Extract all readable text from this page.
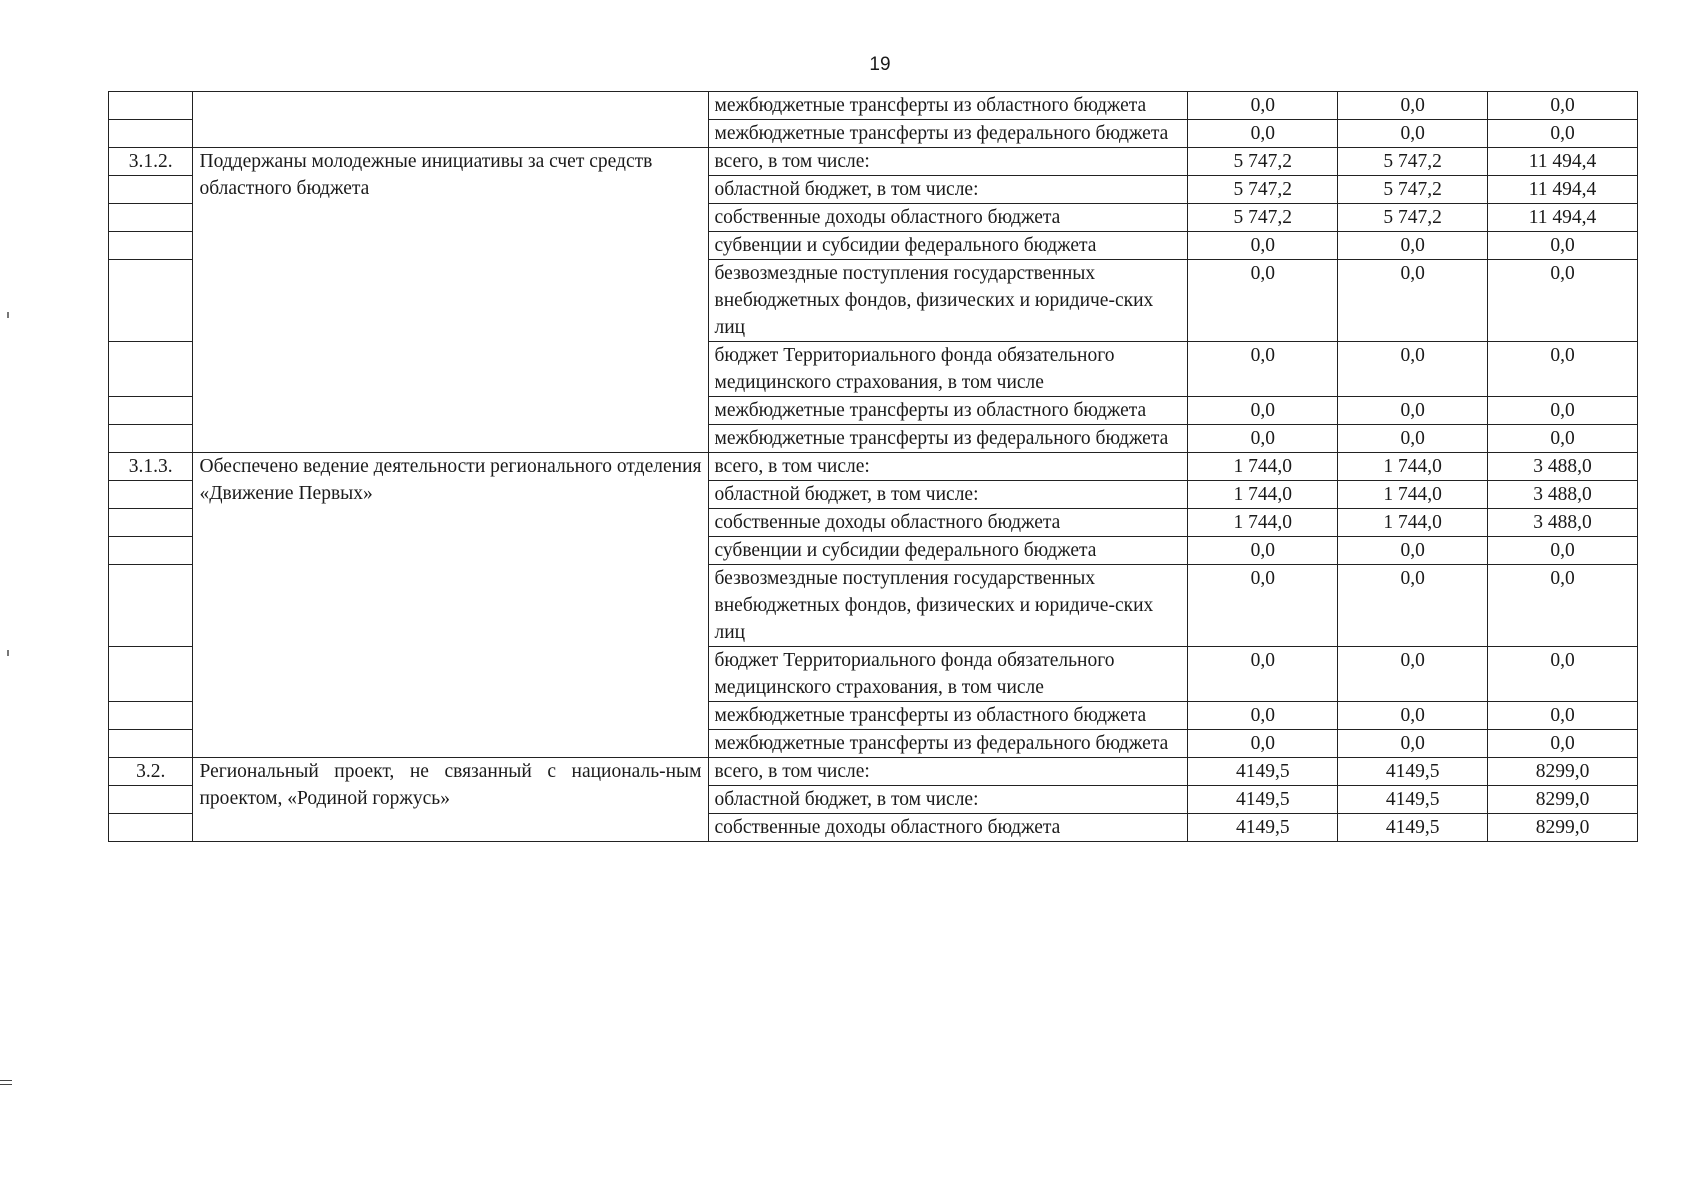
19
		межбюджетные трансферты из областного бюджета	0,0	0,0	0,0
		межбюджетные трансферты из федерального бюджета	0,0	0,0	0,0
3.1.2.	Поддержаны молодежные инициативы за счет средств областного бюджета	всего, в том числе:	5 747,2	5 747,2	11 494,4
		областной бюджет, в том числе:	5 747,2	5 747,2	11 494,4
		собственные доходы областного бюджета	5 747,2	5 747,2	11 494,4
		субвенции и субсидии федерального бюджета	0,0	0,0	0,0
		безвозмездные поступления государственных внебюджетных фондов, физических и юридиче-ских лиц	0,0	0,0	0,0
		бюджет Территориального фонда обязательного медицинского страхования, в том числе	0,0	0,0	0,0
		межбюджетные трансферты из областного бюджета	0,0	0,0	0,0
		межбюджетные трансферты из федерального бюджета	0,0	0,0	0,0
3.1.3.	Обеспечено ведение деятельности регионального отделения «Движение Первых»	всего, в том числе:	1 744,0	1 744,0	3 488,0
		областной бюджет, в том числе:	1 744,0	1 744,0	3 488,0
		собственные доходы областного бюджета	1 744,0	1 744,0	3 488,0
		субвенции и субсидии федерального бюджета	0,0	0,0	0,0
		безвозмездные поступления государственных внебюджетных фондов, физических и юридиче-ских лиц	0,0	0,0	0,0
		бюджет Территориального фонда обязательного медицинского страхования, в том числе	0,0	0,0	0,0
		межбюджетные трансферты из областного бюджета	0,0	0,0	0,0
		межбюджетные трансферты из федерального бюджета	0,0	0,0	0,0
3.2.	Региональный проект, не связанный с националь-ным проектом, «Родиной горжусь»	всего, в том числе:	4149,5	4149,5	8299,0
		областной бюджет, в том числе:	4149,5	4149,5	8299,0
		собственные доходы областного бюджета	4149,5	4149,5	8299,0
